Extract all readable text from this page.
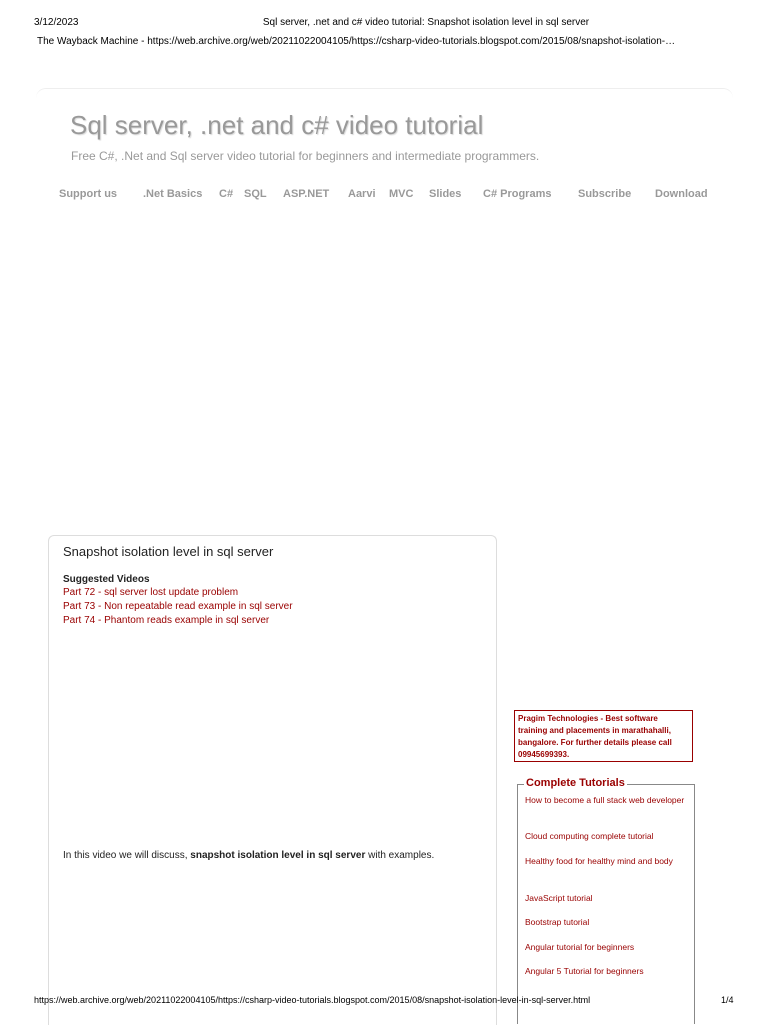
3/12/2023	Sql server, .net and c# video tutorial: Snapshot isolation level in sql server
The Wayback Machine - https://web.archive.org/web/20211022004105/https://csharp-video-tutorials.blogspot.com/2015/08/snapshot-isolation-…
Sql server, .net and c# video tutorial
Free C#, .Net and Sql server video tutorial for beginners and intermediate programmers.
Support us .Net Basics C# SQL ASP.NET Aarvi MVC Slides C# Programs Subscribe Download
Snapshot isolation level in sql server
Suggested Videos
Part 72 - sql server lost update problem
Part 73 - Non repeatable read example in sql server
Part 74 - Phantom reads example in sql server
In this video we will discuss, snapshot isolation level in sql server with examples.
Pragim Technologies - Best software training and placements in marathahalli, bangalore. For further details please call 09945699393.
Complete Tutorials
How to become a full stack web developer
Cloud computing complete tutorial
Healthy food for healthy mind and body
JavaScript tutorial
Bootstrap tutorial
Angular tutorial for beginners
Angular 5 Tutorial for beginners
https://web.archive.org/web/20211022004105/https://csharp-video-tutorials.blogspot.com/2015/08/snapshot-isolation-level-in-sql-server.html	1/4
